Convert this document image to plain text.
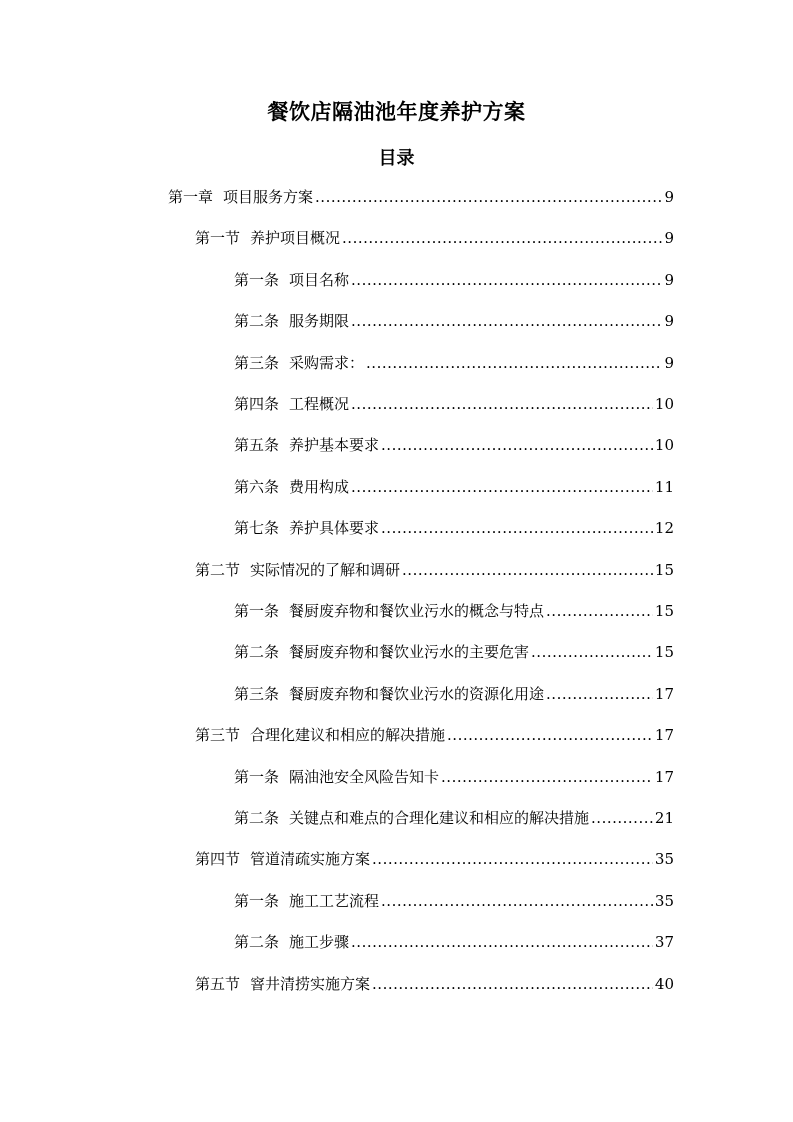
餐饮店隔油池年度养护方案
目录
第一章 项目服务方案 .....	9
第一节 养护项目概况 .....	9
第一条 项目名称 .....	9
第二条 服务期限 .....	9
第三条 采购需求： .....	9
第四条 工程概况 .....	10
第五条 养护基本要求 .....	10
第六条 费用构成 .....	11
第七条 养护具体要求 .....	12
第二节 实际情况的了解和调研 .....	15
第一条 餐厨废弃物和餐饮业污水的概念与特点 .....	15
第二条 餐厨废弃物和餐饮业污水的主要危害 .....	15
第三条 餐厨废弃物和餐饮业污水的资源化用途 .....	17
第三节 合理化建议和相应的解决措施 .....	17
第一条 隔油池安全风险告知卡 .....	17
第二条 关键点和难点的合理化建议和相应的解决措施 .....	21
第四节 管道清疏实施方案 .....	35
第一条 施工工艺流程 .....	35
第二条 施工步骤 .....	37
第五节 窨井清捞实施方案 .....	40
